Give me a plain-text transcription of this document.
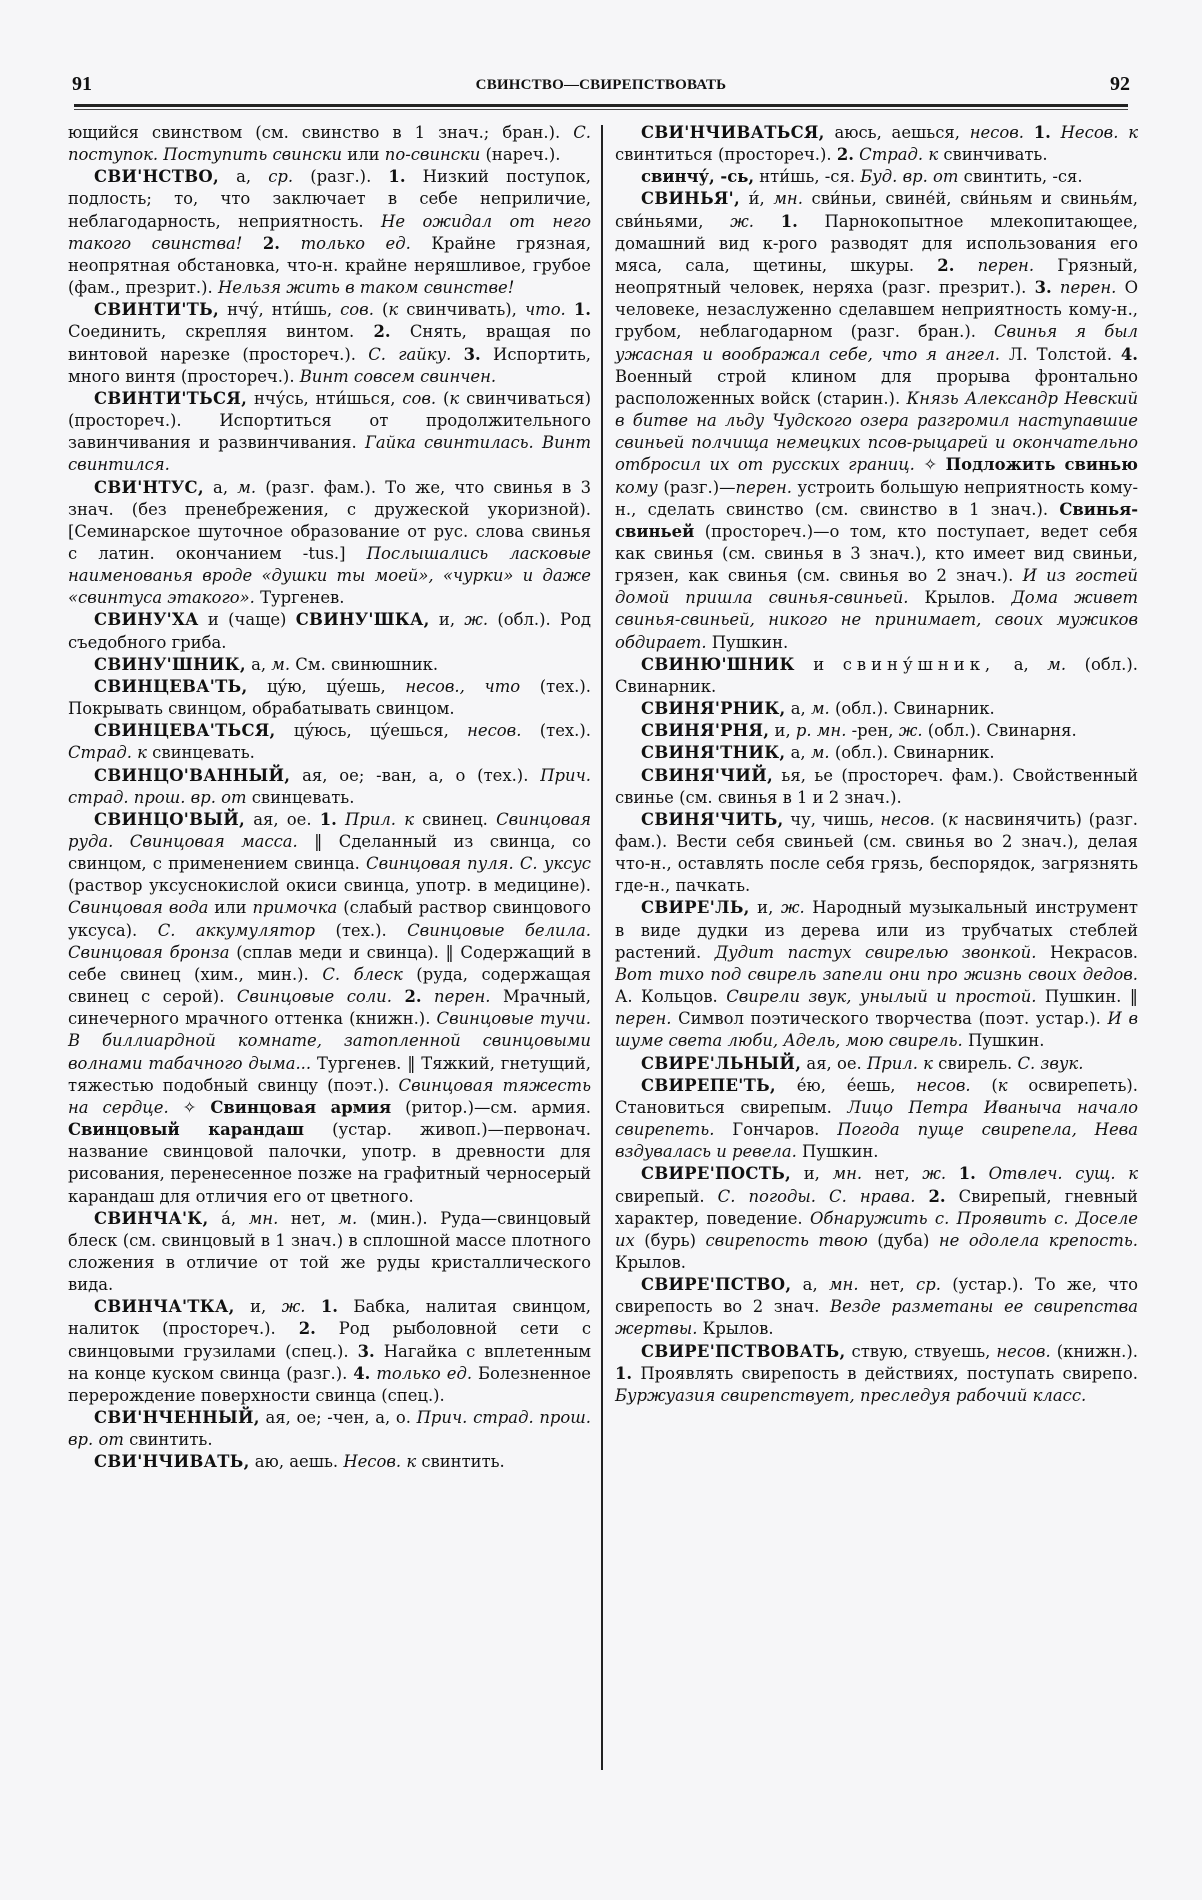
91	СВИНСТВО—СВИРЕПСТВОВАТЬ	92

ющийся свинством (см. свинство в 1 знач.; бран.). С. поступок. Поступить свински или по-свински (нареч.).

СВИ'НСТВО, а, ср. (разг.). 1. Низкий поступок, подлость; то, что заключает в себе неприличие, неблагодарность, неприятность. Не ожидал от него такого свинства! 2. только ед. Крайне грязная, неопрятная обстановка, что-н. крайне неряшливое, грубое (фам., презрит.). Нельзя жить в таком свинстве!

СВИНТИ'ТЬ, нчу́, нти́шь, сов. (к свинчивать), что. 1. Соединить, скрепляя винтом. 2. Снять, вращая по винтовой нарезке (простореч.). С. гайку. 3. Испортить, много винтя (простореч.). Винт совсем свинчен.

СВИНТИ'ТЬСЯ, нчу́сь, нти́шься, сов. (к свинчиваться) (простореч.). Испортиться от продолжительного завинчивания и развинчивания. Гайка свинтилась. Винт свинтился.

СВИ'НТУС, а, м. (разг. фам.). То же, что свинья в 3 знач. (без пренебрежения, с дружеской укоризной). [Семинарское шуточное образование от рус. слова свинья с латин. окончанием -tus.] Послышались ласковые наименованья вроде «душки ты моей», «чурки» и даже «свинтуса этакого». Тургенев.

СВИНУ'ХА и (чаще) СВИНУ'ШКА, и, ж. (обл.). Род съедобного гриба.

СВИНУ'ШНИК, а, м. См. свинюшник.

СВИНЦЕВА'ТЬ, цу́ю, цу́ешь, несов., что (тех.). Покрывать свинцом, обрабатывать свинцом.

СВИНЦЕВА'ТЬСЯ, цу́юсь, цу́ешься, несов. (тех.). Страд. к свинцевать.

СВИНЦО'ВАННЫЙ, ая, ое; -ван, а, о (тех.). Прич. страд. прош. вр. от свинцевать.

СВИНЦО'ВЫЙ, ая, ое. 1. Прил. к свинец. Свинцовая руда. Свинцовая масса. ‖ Сделанный из свинца, со свинцом, с применением свинца. Свинцовая пуля. С. уксус (раствор уксуснокислой окиси свинца, употр. в медицине). Свинцовая вода или примочка (слабый раствор свинцового уксуса). С. аккумулятор (тех.). Свинцовые белила. Свинцовая бронза (сплав меди и свинца). ‖ Содержащий в себе свинец (хим., мин.). С. блеск (руда, содержащая свинец с серой). Свинцовые соли. 2. перен. Мрачный, синечерного мрачного оттенка (книжн.). Свинцовые тучи. В биллиардной комнате, затопленной свинцовыми волнами табачного дыма... Тургенев. ‖ Тяжкий, гнетущий, тяжестью подобный свинцу (поэт.). Свинцовая тяжесть на сердце. ✧ Свинцовая армия (ритор.)—см. армия. Свинцовый карандаш (устар. живоп.)—первонач. название свинцовой палочки, употр. в древности для рисования, перенесенное позже на графитный черносерый карандаш для отличия его от цветного.

СВИНЧА'К, а́, мн. нет, м. (мин.). Руда—свинцовый блеск (см. свинцовый в 1 знач.) в сплошной массе плотного сложения в отличие от той же руды кристаллического вида.

СВИНЧА'ТКА, и, ж. 1. Бабка, налитая свинцом, налиток (простореч.). 2. Род рыболовной сети с свинцовыми грузилами (спец.). 3. Нагайка с вплетенным на конце куском свинца (разг.). 4. только ед. Болезненное перерождение поверхности свинца (спец.).

СВИ'НЧЕННЫЙ, ая, ое; -чен, а, о. Прич. страд. прош. вр. от свинтить.

СВИ'НЧИВАТЬ, аю, аешь. Несов. к свинтить.

СВИ'НЧИВАТЬСЯ, аюсь, аешься, несов. 1. Несов. к свинтиться (простореч.). 2. Страд. к свинчивать.

свинчу́, -сь, нти́шь, -ся. Буд. вр. от свинтить, -ся.

СВИНЬЯ', и́, мн. сви́ньи, свине́й, сви́ньям и свинья́м, сви́ньями, ж. 1. Парнокопытное млекопитающее, домашний вид к-рого разводят для использования его мяса, сала, щетины, шкуры. 2. перен. Грязный, неопрятный человек, неряха (разг. презрит.). 3. перен. О человеке, незаслуженно сделавшем неприятность кому-н., грубом, неблагодарном (разг. бран.). Свинья я был ужасная и воображал себе, что я ангел. Л. Толстой. 4. Военный строй клином для прорыва фронтально расположенных войск (старин.). Князь Александр Невский в битве на льду Чудского озера разгромил наступавшие свиньей полчища немецких псов-рыцарей и окончательно отбросил их от русских границ. ✧ Подложить свинью кому (разг.)—перен. устроить большую неприятность кому-н., сделать свинство (см. свинство в 1 знач.). Свинья-свиньей (простореч.)—о том, кто поступает, ведет себя как свинья (см. свинья в 3 знач.), кто имеет вид свиньи, грязен, как свинья (см. свинья во 2 знач.). И из гостей домой пришла свинья-свиньей. Крылов. Дома живет свинья-свиньей, никого не принимает, своих мужиков обдирает. Пушкин.

СВИНЮ'ШНИК и свину́шник, а, м. (обл.). Свинарник.

СВИНЯ'РНИК, а, м. (обл.). Свинарник.

СВИНЯ'РНЯ, и, р. мн. -рен, ж. (обл.). Свинарня.

СВИНЯ'ТНИК, а, м. (обл.). Свинарник.

СВИНЯ'ЧИЙ, ья, ье (простореч. фам.). Свойственный свинье (см. свинья в 1 и 2 знач.).

СВИНЯ'ЧИТЬ, чу, чишь, несов. (к насвинячить) (разг. фам.). Вести себя свиньей (см. свинья во 2 знач.), делая что-н., оставлять после себя грязь, беспорядок, загрязнять где-н., пачкать.

СВИРЕ'ЛЬ, и, ж. Народный музыкальный инструмент в виде дудки из дерева или из трубчатых стеблей растений. Дудит пастух свирелью звонкой. Некрасов. Вот тихо под свирель запели они про жизнь своих дедов. А. Кольцов. Свирели звук, унылый и простой. Пушкин. ‖ перен. Символ поэтического творчества (поэт. устар.). И в шуме света люби, Адель, мою свирель. Пушкин.

СВИРЕ'ЛЬНЫЙ, ая, ое. Прил. к свирель. С. звук.

СВИРЕПЕ'ТЬ, е́ю, е́ешь, несов. (к освирепеть). Становиться свирепым. Лицо Петра Иваныча начало свирепеть. Гончаров. Погода пуще свирепела, Нева вздувалась и ревела. Пушкин.

СВИРЕ'ПОСТЬ, и, мн. нет, ж. 1. Отвлеч. сущ. к свирепый. С. погоды. С. нрава. 2. Свирепый, гневный характер, поведение. Обнаружить с. Проявить с. Доселе их (бурь) свирепость твою (дуба) не одолела крепость. Крылов.

СВИРЕ'ПСТВО, а, мн. нет, ср. (устар.). То же, что свирепость во 2 знач. Везде разметаны ее свирепства жертвы. Крылов.

СВИРЕ'ПСТВОВАТЬ, ствую, ствуешь, несов. (книжн.). 1. Проявлять свирепость в действиях, поступать свирепо. Буржуазия свирепствует, преследуя рабочий класс.
